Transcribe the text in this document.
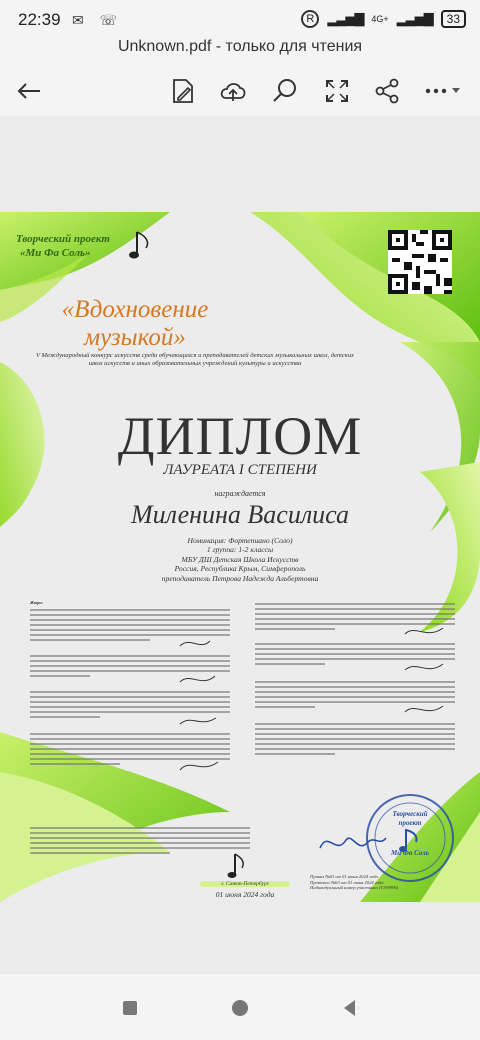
22:39 ✉ ☏	R	▂▃▅▇ 4G+ ▂▃▅▇	33
Unknown.pdf - только для чтения
Творческий проект
«Ми Фа Соль»
«Вдохновение
музыкой»
V Международный конкурс искусств среди обучающихся и преподавателей детских музыкальных школ, детских школ искусств и иных образовательных учреждений культуры и искусства
ДИПЛОМ
ЛАУРЕАТА I СТЕПЕНИ
награждается
Миленина Василиса
Номинация: Фортепиано (Соло)
1 группа: 1-2 классы
МБУ ДШ Детская Школа Искусств
Россия, Республика Крым, Симферополь
преподаватель Петрова Надежда Альбертовна
Жюри:
Творческий
проект
Ми Фа Соль
г. Санкт-Петербург
01 июня 2024 года
Приказ №63 от 01 июня 2024 года
Протокол №63 от 01 июня 2024 года
Индивидуальный номер участника (Т199996)
